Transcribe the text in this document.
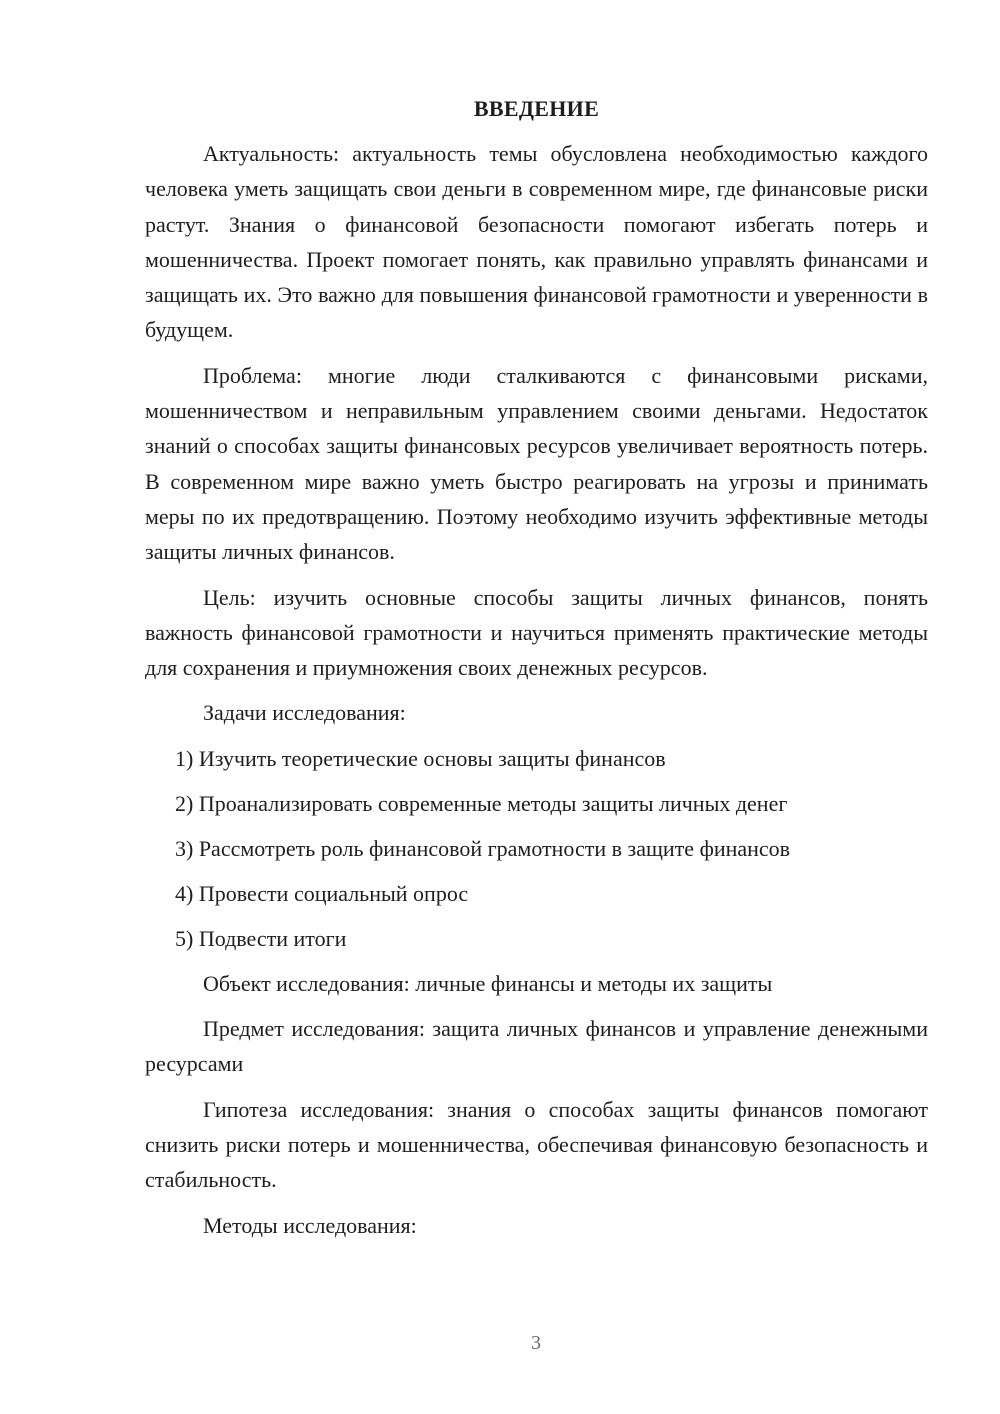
ВВЕДЕНИЕ

Актуальность: актуальность темы обусловлена необходимостью каждого человека уметь защищать свои деньги в современном мире, где финансовые риски растут. Знания о финансовой безопасности помогают избегать потерь и мошенничества. Проект помогает понять, как правильно управлять финансами и защищать их. Это важно для повышения финансовой грамотности и уверенности в будущем.

Проблема: многие люди сталкиваются с финансовыми рисками, мошенничеством и неправильным управлением своими деньгами. Недостаток знаний о способах защиты финансовых ресурсов увеличивает вероятность потерь. В современном мире важно уметь быстро реагировать на угрозы и принимать меры по их предотвращению. Поэтому необходимо изучить эффективные методы защиты личных финансов.

Цель: изучить основные способы защиты личных финансов, понять важность финансовой грамотности и научиться применять практические методы для сохранения и приумножения своих денежных ресурсов.

Задачи исследования:

1) Изучить теоретические основы защиты финансов
2) Проанализировать современные методы защиты личных денег
3) Рассмотреть роль финансовой грамотности в защите финансов
4) Провести социальный опрос
5) Подвести итоги

Объект исследования: личные финансы и методы их защиты

Предмет исследования: защита личных финансов и управление денежными ресурсами

Гипотеза исследования: знания о способах защиты финансов помогают снизить риски потерь и мошенничества, обеспечивая финансовую безопасность и стабильность.

Методы исследования:

3
